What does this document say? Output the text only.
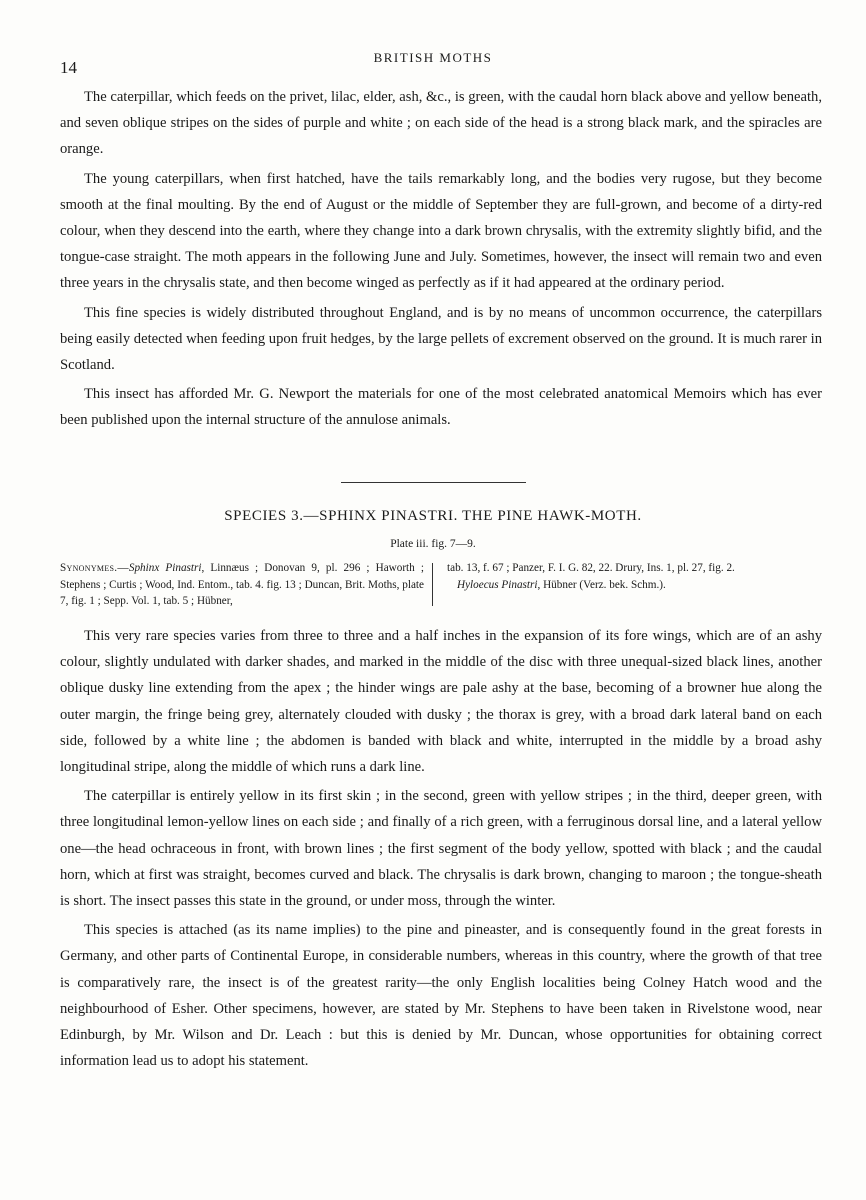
14
BRITISH MOTHS

The caterpillar, which feeds on the privet, lilac, elder, ash, &c., is green, with the caudal horn black above and yellow beneath, and seven oblique stripes on the sides of purple and white ; on each side of the head is a strong black mark, and the spiracles are orange.

The young caterpillars, when first hatched, have the tails remarkably long, and the bodies very rugose, but they become smooth at the final moulting. By the end of August or the middle of September they are full-grown, and become of a dirty-red colour, when they descend into the earth, where they change into a dark brown chrysalis, with the extremity slightly bifid, and the tongue-case straight. The moth appears in the following June and July. Sometimes, however, the insect will remain two and even three years in the chrysalis state, and then become winged as perfectly as if it had appeared at the ordinary period.

This fine species is widely distributed throughout England, and is by no means of uncommon occurrence, the caterpillars being easily detected when feeding upon fruit hedges, by the large pellets of excrement observed on the ground. It is much rarer in Scotland.

This insect has afforded Mr. G. Newport the materials for one of the most celebrated anatomical Memoirs which has ever been published upon the internal structure of the annulose animals.

SPECIES 3.—SPHINX PINASTRI. THE PINE HAWK-MOTH.
Plate iii. fig. 7—9.
Synonymes.—Sphinx Pinastri, Linnæus ; Donovan 9, pl. 296 ; Haworth ; Stephens ; Curtis ; Wood, Ind. Entom., tab. 4. fig. 13 ; Duncan, Brit. Moths, plate 7, fig. 1 ; Sepp. Vol. 1, tab. 5 ; Hübner,
tab. 13, f. 67 ; Panzer, F. I. G. 82, 22. Drury, Ins. 1, pl. 27, fig. 2.
Hyloecus Pinastri, Hübner (Verz. bek. Schm.).

This very rare species varies from three to three and a half inches in the expansion of its fore wings, which are of an ashy colour, slightly undulated with darker shades, and marked in the middle of the disc with three unequal-sized black lines, another oblique dusky line extending from the apex ; the hinder wings are pale ashy at the base, becoming of a browner hue along the outer margin, the fringe being grey, alternately clouded with dusky ; the thorax is grey, with a broad dark lateral band on each side, followed by a white line ; the abdomen is banded with black and white, interrupted in the middle by a broad ashy longitudinal stripe, along the middle of which runs a dark line.

The caterpillar is entirely yellow in its first skin ; in the second, green with yellow stripes ; in the third, deeper green, with three longitudinal lemon-yellow lines on each side ; and finally of a rich green, with a ferruginous dorsal line, and a lateral yellow one—the head ochraceous in front, with brown lines ; the first segment of the body yellow, spotted with black ; and the caudal horn, which at first was straight, becomes curved and black. The chrysalis is dark brown, changing to maroon ; the tongue-sheath is short. The insect passes this state in the ground, or under moss, through the winter.

This species is attached (as its name implies) to the pine and pineaster, and is consequently found in the great forests in Germany, and other parts of Continental Europe, in considerable numbers, whereas in this country, where the growth of that tree is comparatively rare, the insect is of the greatest rarity—the only English localities being Colney Hatch wood and the neighbourhood of Esher. Other specimens, however, are stated by Mr. Stephens to have been taken in Rivelstone wood, near Edinburgh, by Mr. Wilson and Dr. Leach : but this is denied by Mr. Duncan, whose opportunities for obtaining correct information lead us to adopt his statement.
